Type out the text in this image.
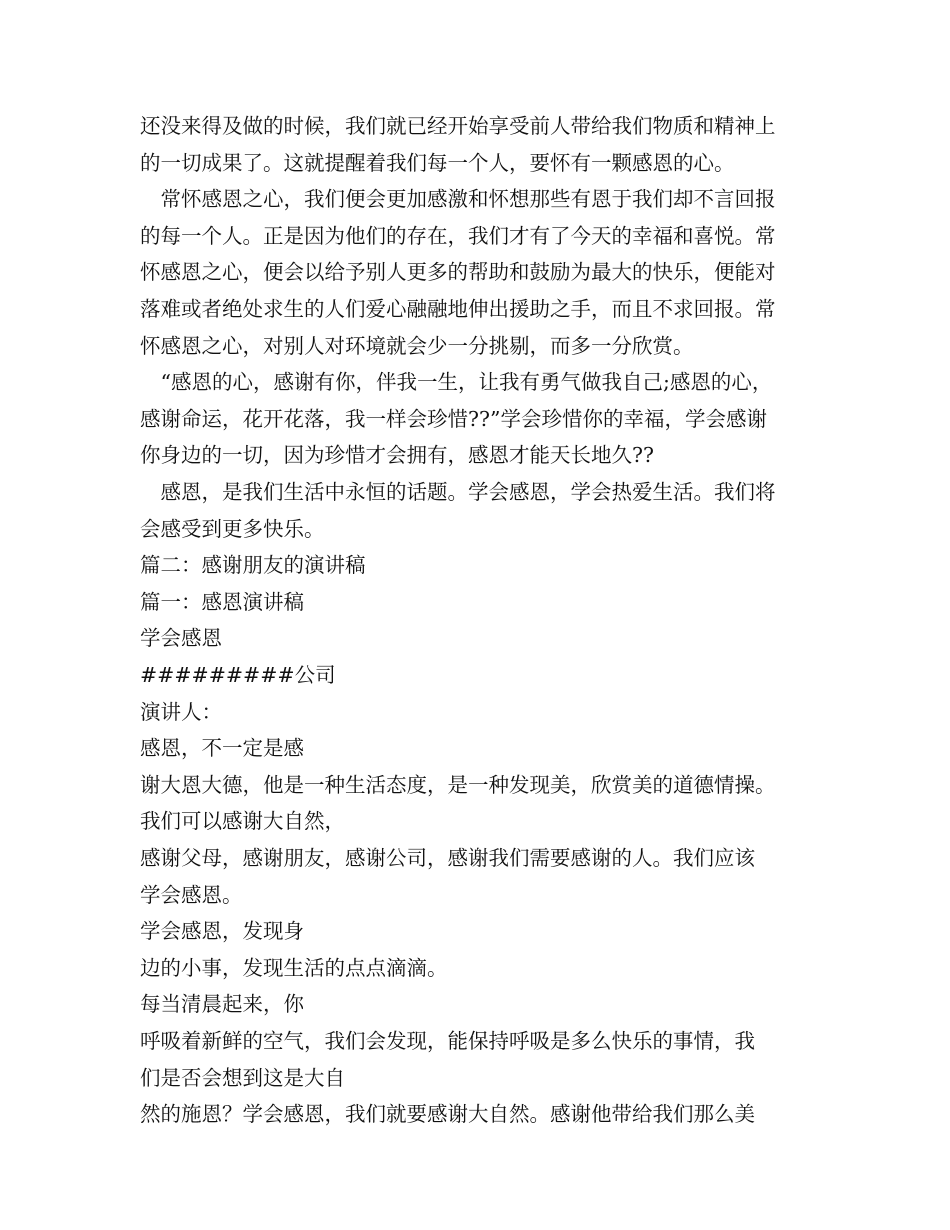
还没来得及做的时候，我们就已经开始享受前人带给我们物质和精神上
的一切成果了。这就提醒着我们每一个人，要怀有一颗感恩的心。
　常怀感恩之心，我们便会更加感激和怀想那些有恩于我们却不言回报
的每一个人。正是因为他们的存在，我们才有了今天的幸福和喜悦。常
怀感恩之心，便会以给予别人更多的帮助和鼓励为最大的快乐，便能对
落难或者绝处求生的人们爱心融融地伸出援助之手，而且不求回报。常
怀感恩之心，对别人对环境就会少一分挑剔，而多一分欣赏。
　“感恩的心，感谢有你，伴我一生，让我有勇气做我自己;感恩的心，
感谢命运，花开花落，我一样会珍惜??”学会珍惜你的幸福，学会感谢
你身边的一切，因为珍惜才会拥有，感恩才能天长地久??
　感恩，是我们生活中永恒的话题。学会感恩，学会热爱生活。我们将
会感受到更多快乐。
篇二：感谢朋友的演讲稿
篇一：感恩演讲稿
学会感恩
#########公司
演讲人：
感恩，不一定是感
谢大恩大德，他是一种生活态度，是一种发现美，欣赏美的道德情操。
我们可以感谢大自然，
感谢父母，感谢朋友，感谢公司，感谢我们需要感谢的人。我们应该
学会感恩。
学会感恩，发现身
边的小事，发现生活的点点滴滴。
每当清晨起来，你
呼吸着新鲜的空气，我们会发现，能保持呼吸是多么快乐的事情，我
们是否会想到这是大自
然的施恩？学会感恩，我们就要感谢大自然。感谢他带给我们那么美
